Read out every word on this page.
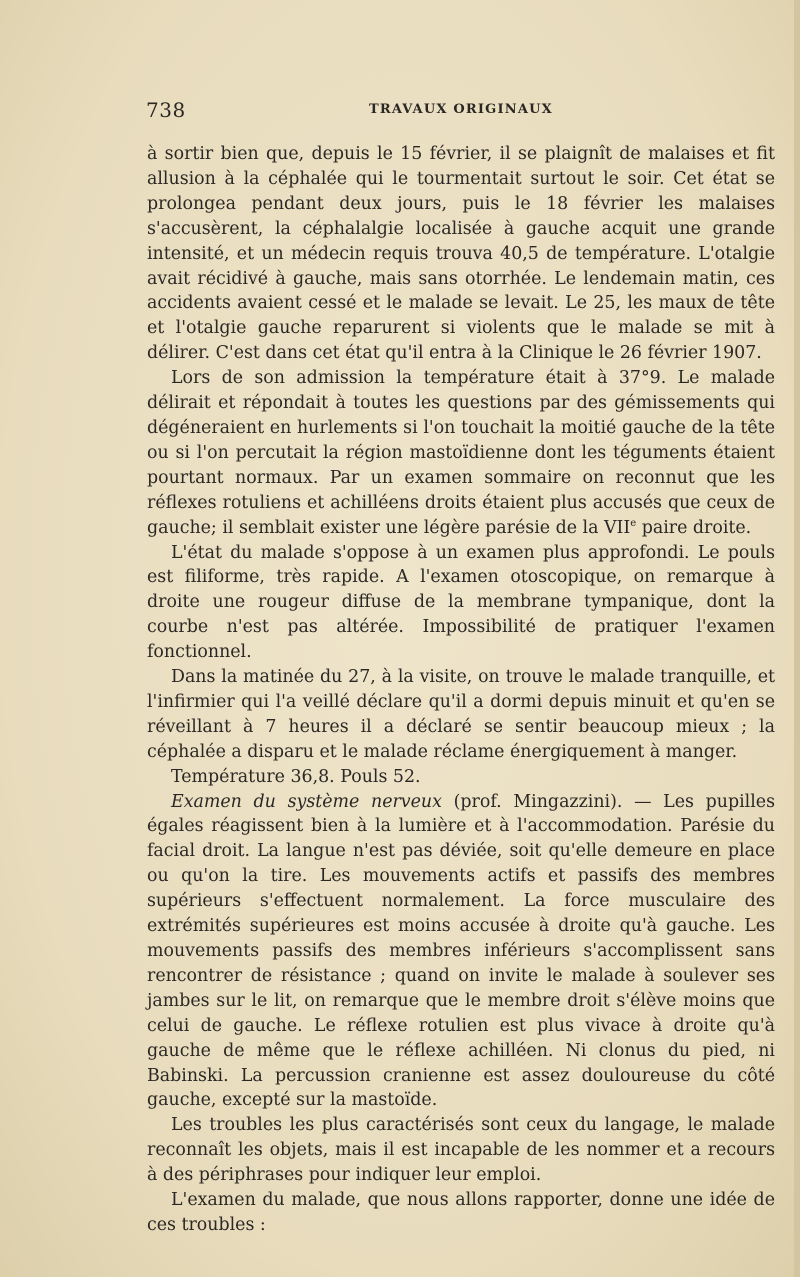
738	TRAVAUX ORIGINAUX

à sortir bien que, depuis le 15 février, il se plaignît de malaises et fit allusion à la céphalée qui le tourmentait surtout le soir. Cet état se prolongea pendant deux jours, puis le 18 février les malaises s'accusèrent, la céphalalgie localisée à gauche acquit une grande intensité, et un médecin requis trouva 40,5 de température. L'otalgie avait récidivé à gauche, mais sans otorrhée. Le lendemain matin, ces accidents avaient cessé et le malade se levait. Le 25, les maux de tête et l'otalgie gauche reparurent si violents que le malade se mit à délirer. C'est dans cet état qu'il entra à la Clinique le 26 février 1907.

Lors de son admission la température était à 37°9. Le malade délirait et répondait à toutes les questions par des gémissements qui dégéneraient en hurlements si l'on touchait la moitié gauche de la tête ou si l'on percutait la région mastoïdienne dont les téguments étaient pourtant normaux. Par un examen sommaire on reconnut que les réflexes rotuliens et achilléens droits étaient plus accusés que ceux de gauche; il semblait exister une légère parésie de la VIIe paire droite.

L'état du malade s'oppose à un examen plus approfondi. Le pouls est filiforme, très rapide. A l'examen otoscopique, on remarque à droite une rougeur diffuse de la membrane tympanique, dont la courbe n'est pas altérée. Impossibilité de pratiquer l'examen fonctionnel.

Dans la matinée du 27, à la visite, on trouve le malade tranquille, et l'infirmier qui l'a veillé déclare qu'il a dormi depuis minuit et qu'en se réveillant à 7 heures il a déclaré se sentir beaucoup mieux ; la céphalée a disparu et le malade réclame énergiquement à manger.

Température 36,8. Pouls 52.

Examen du système nerveux (prof. Mingazzini). — Les pupilles égales réagissent bien à la lumière et à l'accommodation. Parésie du facial droit. La langue n'est pas déviée, soit qu'elle demeure en place ou qu'on la tire. Les mouvements actifs et passifs des membres supérieurs s'effectuent normalement. La force musculaire des extrémités supérieures est moins accusée à droite qu'à gauche. Les mouvements passifs des membres inférieurs s'accomplissent sans rencontrer de résistance ; quand on invite le malade à soulever ses jambes sur le lit, on remarque que le membre droit s'élève moins que celui de gauche. Le réflexe rotulien est plus vivace à droite qu'à gauche de même que le réflexe achilléen. Ni clonus du pied, ni Babinski. La percussion cranienne est assez douloureuse du côté gauche, excepté sur la mastoïde.

Les troubles les plus caractérisés sont ceux du langage, le malade reconnaît les objets, mais il est incapable de les nommer et a recours à des périphrases pour indiquer leur emploi.

L'examen du malade, que nous allons rapporter, donne une idée de ces troubles :
